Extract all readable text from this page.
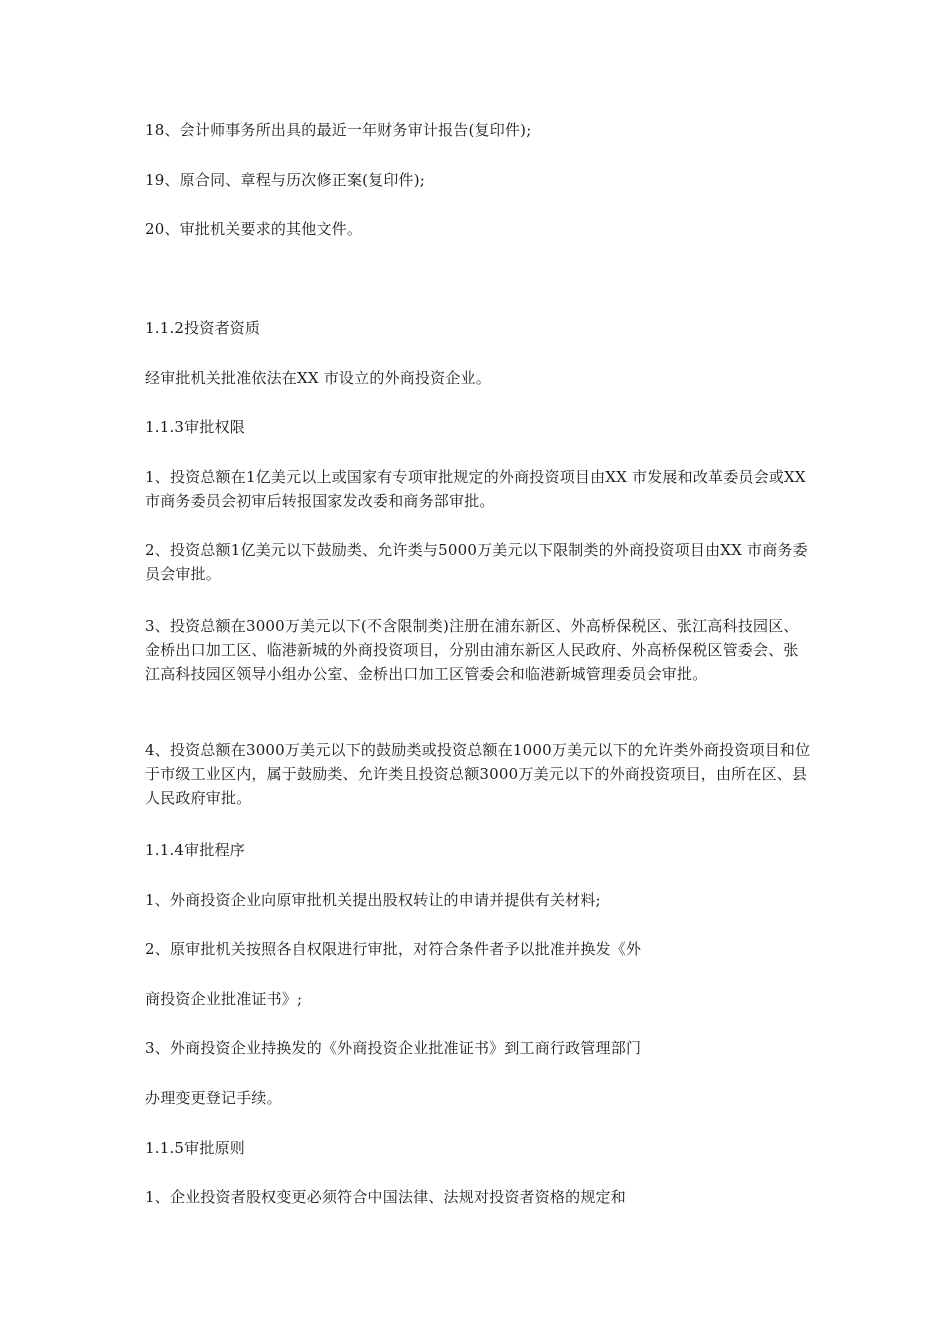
18、会计师事务所出具的最近一年财务审计报告(复印件);

19、原合同、章程与历次修正案(复印件);

20、审批机关要求的其他文件。

1.1.2投资者资质

经审批机关批准依法在XX 市设立的外商投资企业。

1.1.3审批权限

1、投资总额在1亿美元以上或国家有专项审批规定的外商投资项目由XX 市发展和改革委员会或XX 市商务委员会初审后转报国家发改委和商务部审批。

2、投资总额1亿美元以下鼓励类、允许类与5000万美元以下限制类的外商投资项目由XX 市商务委员会审批。

3、投资总额在3000万美元以下(不含限制类)注册在浦东新区、外高桥保税区、张江高科技园区、金桥出口加工区、临港新城的外商投资项目，分别由浦东新区人民政府、外高桥保税区管委会、张江高科技园区领导小组办公室、金桥出口加工区管委会和临港新城管理委员会审批。

4、投资总额在3000万美元以下的鼓励类或投资总额在1000万美元以下的允许类外商投资项目和位于市级工业区内，属于鼓励类、允许类且投资总额3000万美元以下的外商投资项目，由所在区、县人民政府审批。

1.1.4审批程序

1、外商投资企业向原审批机关提出股权转让的申请并提供有关材料;

2、原审批机关按照各自权限进行审批，对符合条件者予以批准并换发《外

商投资企业批准证书》;

3、外商投资企业持换发的《外商投资企业批准证书》到工商行政管理部门

办理变更登记手续。

1.1.5审批原则

1、企业投资者股权变更必须符合中国法律、法规对投资者资格的规定和
